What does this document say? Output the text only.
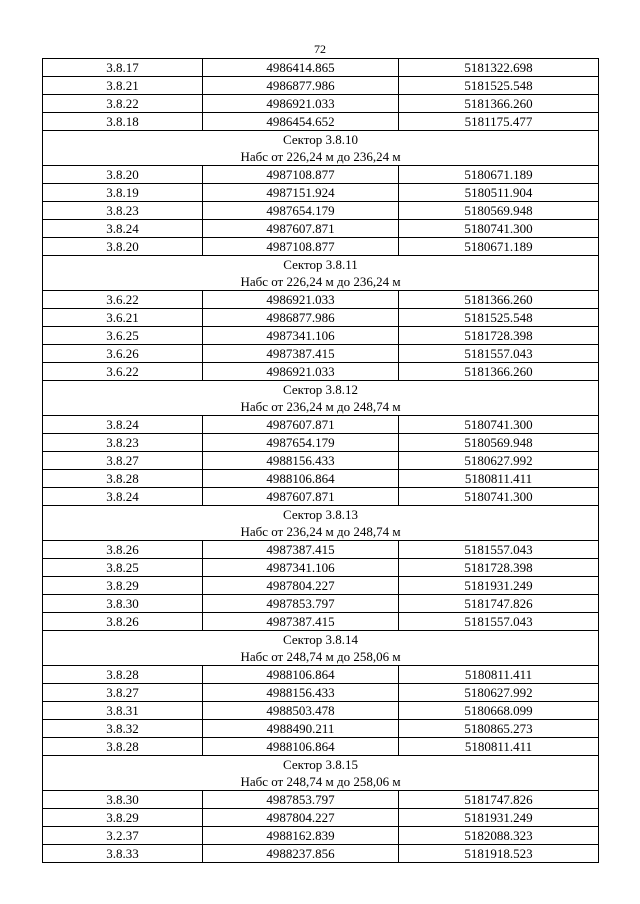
72
3.8.17	4986414.865	5181322.698
3.8.21	4986877.986	5181525.548
3.8.22	4986921.033	5181366.260
3.8.18	4986454.652	5181175.477

Сектор 3.8.10
Набс от 226,24 м до 236,24 м		

3.8.20	4987108.877	5180671.189
3.8.19	4987151.924	5180511.904
3.8.23	4987654.179	5180569.948
3.8.24	4987607.871	5180741.300
3.8.20	4987108.877	5180671.189

Сектор 3.8.11
Набс от 226,24 м до 236,24 м		

3.6.22	4986921.033	5181366.260
3.6.21	4986877.986	5181525.548
3.6.25	4987341.106	5181728.398
3.6.26	4987387.415	5181557.043
3.6.22	4986921.033	5181366.260

Сектор 3.8.12
Набс от 236,24 м до 248,74 м		

3.8.24	4987607.871	5180741.300
3.8.23	4987654.179	5180569.948
3.8.27	4988156.433	5180627.992
3.8.28	4988106.864	5180811.411
3.8.24	4987607.871	5180741.300

Сектор 3.8.13
Набс от 236,24 м до 248,74 м		

3.8.26	4987387.415	5181557.043
3.8.25	4987341.106	5181728.398
3.8.29	4987804.227	5181931.249
3.8.30	4987853.797	5181747.826
3.8.26	4987387.415	5181557.043

Сектор 3.8.14
Набс от 248,74 м до 258,06 м		

3.8.28	4988106.864	5180811.411
3.8.27	4988156.433	5180627.992
3.8.31	4988503.478	5180668.099
3.8.32	4988490.211	5180865.273
3.8.28	4988106.864	5180811.411

Сектор 3.8.15
Набс от 248,74 м до 258,06 м		

3.8.30	4987853.797	5181747.826
3.8.29	4987804.227	5181931.249
3.2.37	4988162.839	5182088.323
3.8.33	4988237.856	5181918.523
